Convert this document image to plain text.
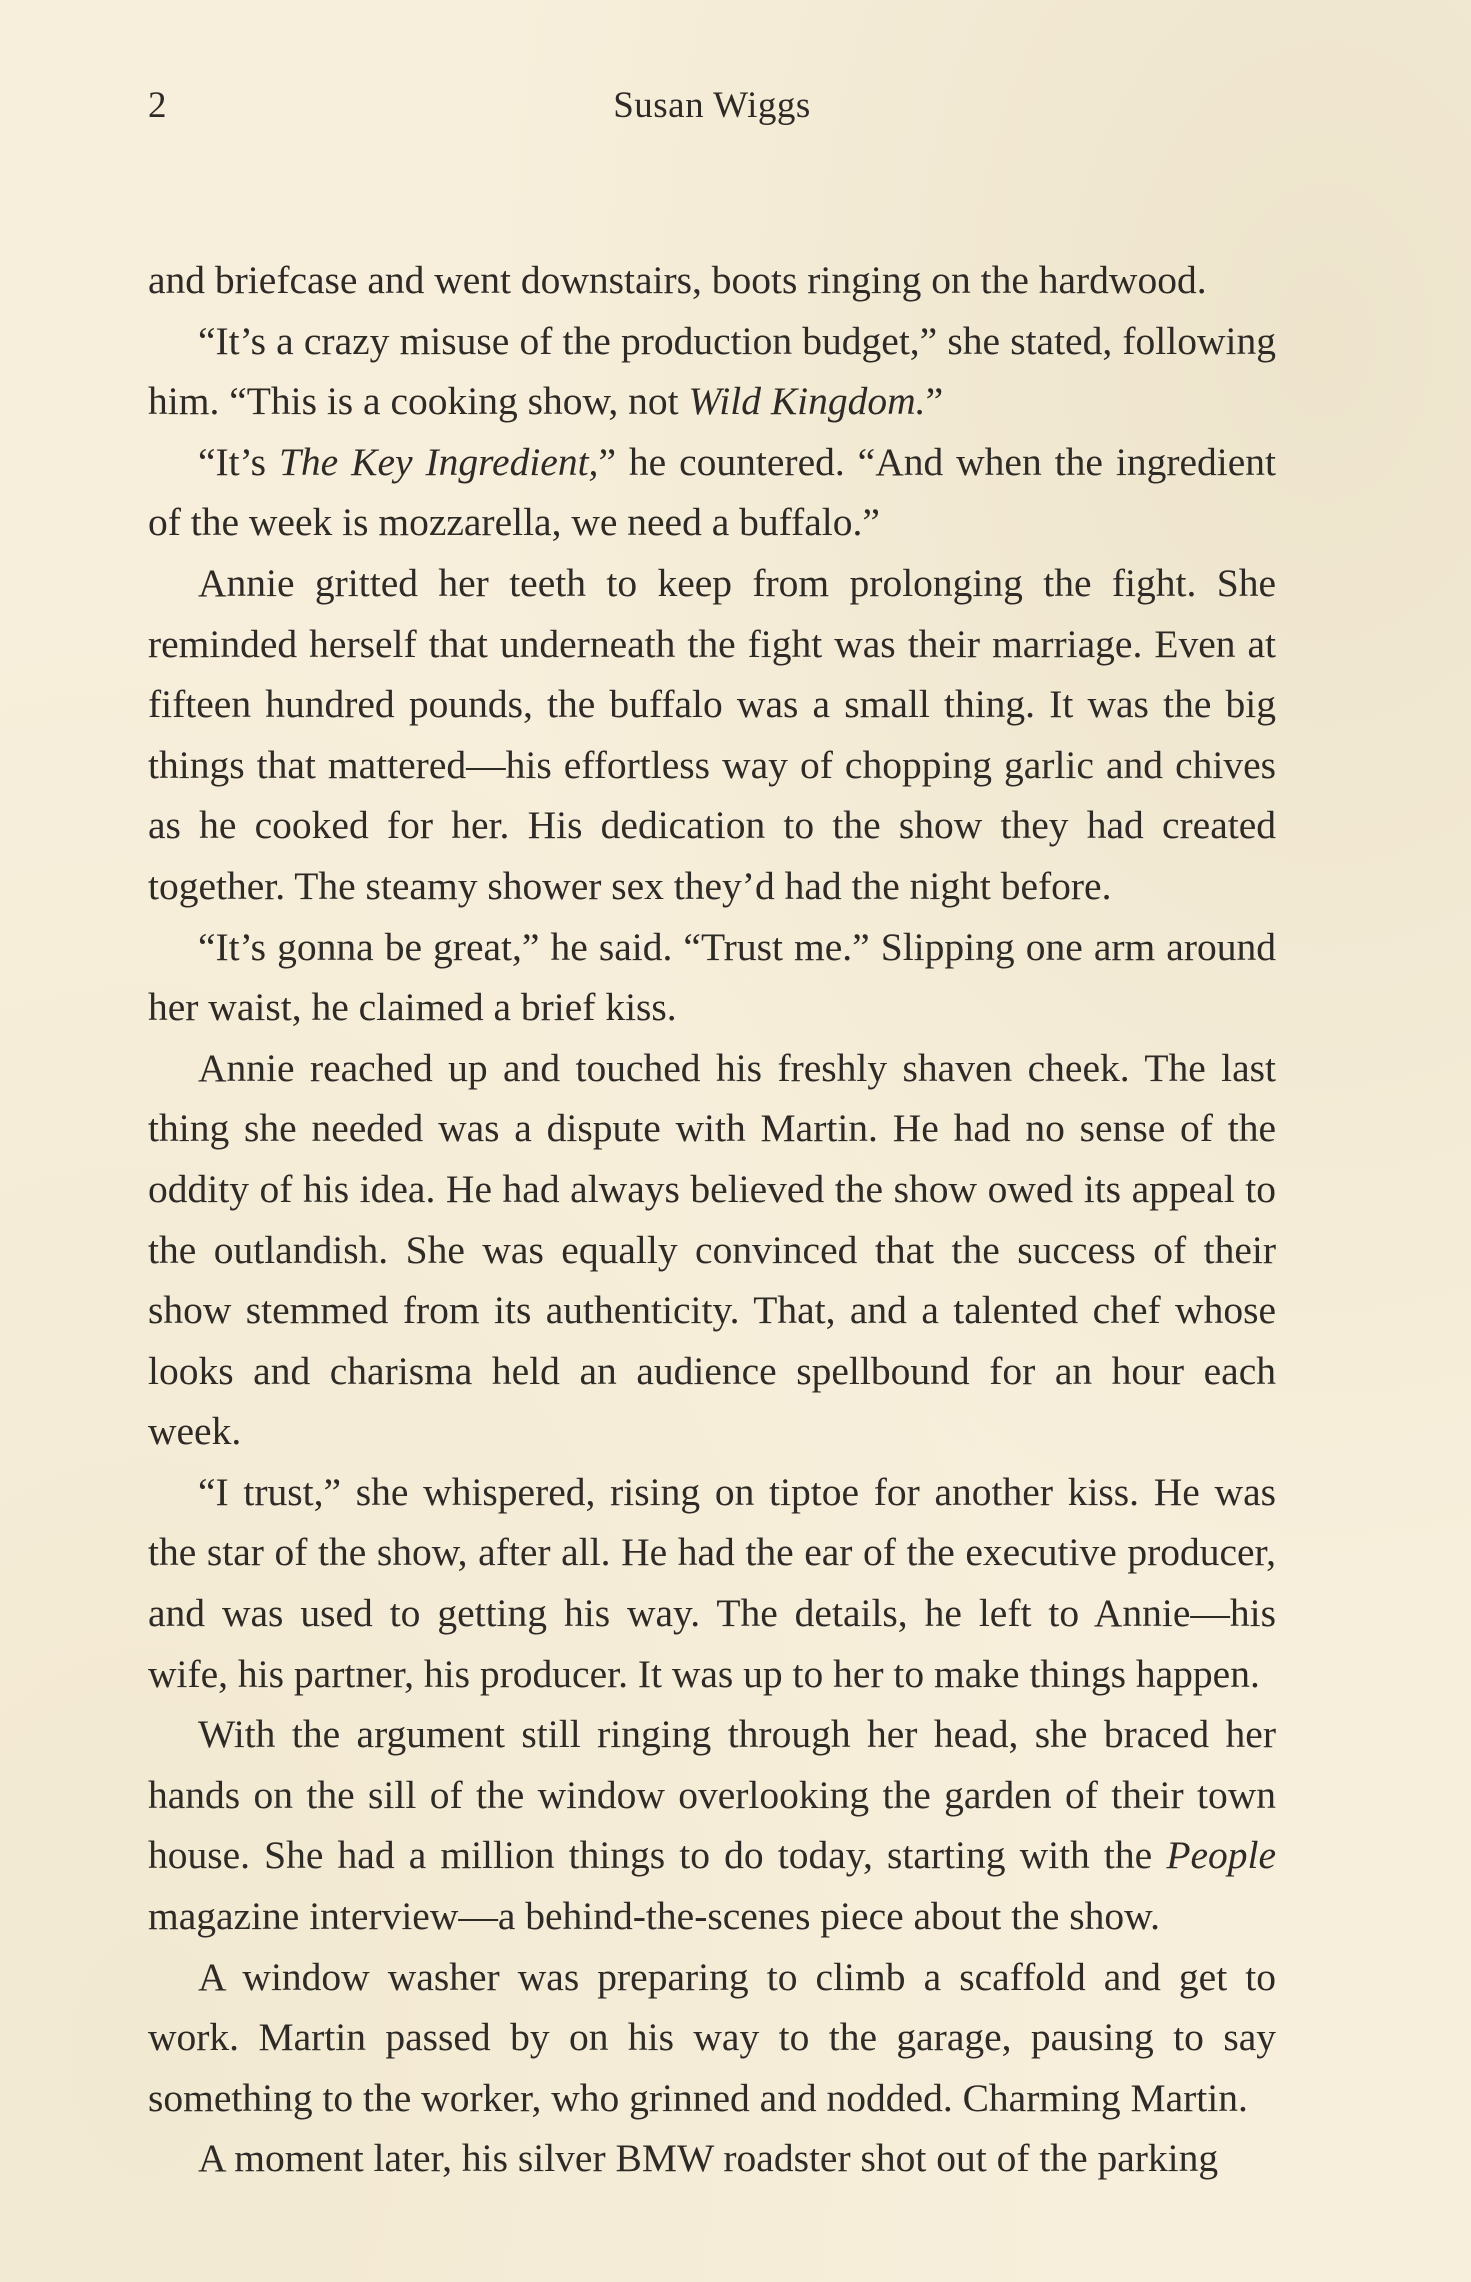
2	Susan Wiggs

and briefcase and went downstairs, boots ringing on the hardwood.

“It’s a crazy misuse of the production budget,” she stated, following him. “This is a cooking show, not Wild Kingdom.”

“It’s The Key Ingredient,” he countered. “And when the ingredient of the week is mozzarella, we need a buffalo.”

Annie gritted her teeth to keep from prolonging the fight. She reminded herself that underneath the fight was their marriage. Even at fifteen hundred pounds, the buffalo was a small thing. It was the big things that mattered—his effortless way of chopping garlic and chives as he cooked for her. His dedication to the show they had created together. The steamy shower sex they’d had the night before.

“It’s gonna be great,” he said. “Trust me.” Slipping one arm around her waist, he claimed a brief kiss.

Annie reached up and touched his freshly shaven cheek. The last thing she needed was a dispute with Martin. He had no sense of the oddity of his idea. He had always believed the show owed its appeal to the outlandish. She was equally convinced that the success of their show stemmed from its authenticity. That, and a talented chef whose looks and charisma held an audience spellbound for an hour each week.

“I trust,” she whispered, rising on tiptoe for another kiss. He was the star of the show, after all. He had the ear of the executive producer, and was used to getting his way. The details, he left to Annie—his wife, his partner, his producer. It was up to her to make things happen.

With the argument still ringing through her head, she braced her hands on the sill of the window overlooking the garden of their town house. She had a million things to do today, starting with the People magazine interview—a behind-the-scenes piece about the show.

A window washer was preparing to climb a scaffold and get to work. Martin passed by on his way to the garage, pausing to say something to the worker, who grinned and nodded. Charming Martin.

A moment later, his silver BMW roadster shot out of the parking
